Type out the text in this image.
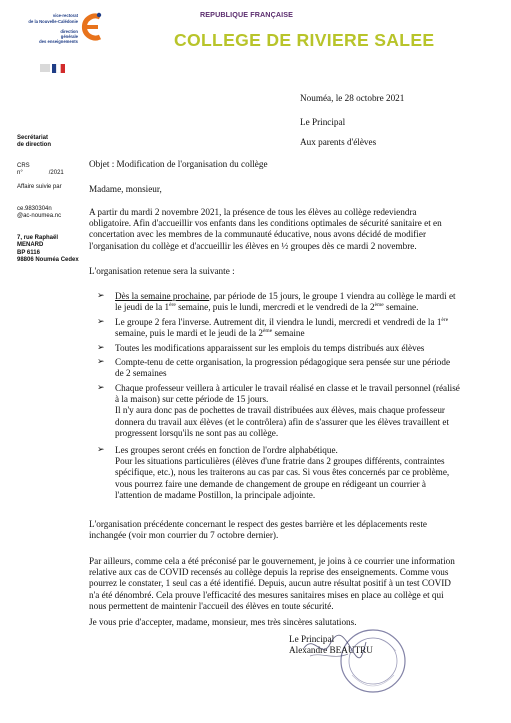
vice-rectorat
de la Nouvelle-Calédonie
direction
générale
des enseignements
REPUBLIQUE FRANÇAISE
COLLEGE DE RIVIERE SALEE
Secrétariat
de direction
CRS
n°	/2021
Affaire suivie par
ce.9830304n
@ac-noumea.nc
7, rue Raphaël
MENARD
BP 6116
98806 Nouméa Cedex
Nouméa, le 28 octobre 2021
Le Principal
Aux parents d'élèves
Objet : Modification de l'organisation du collège
Madame, monsieur,
A partir du mardi 2 novembre 2021, la présence de tous les élèves au collège redeviendra
obligatoire. Afin d'accueillir vos enfants dans les conditions optimales de sécurité sanitaire et en
concertation avec les membres de la communauté éducative, nous avons décidé de modifier
l'organisation du collège et d'accueillir les élèves en ½ groupes dès ce mardi 2 novembre.
L'organisation retenue sera la suivante :
➢ Dès la semaine prochaine, par période de 15 jours, le groupe 1 viendra au collège le mardi et
le jeudi de la 1ère semaine, puis le lundi, mercredi et le vendredi de la 2ème semaine.
➢ Le groupe 2 fera l'inverse. Autrement dit, il viendra le lundi, mercredi et vendredi de la 1ère
semaine, puis le mardi et le jeudi de la 2ème semaine
➢ Toutes les modifications apparaissent sur les emplois du temps distribués aux élèves
➢ Compte-tenu de cette organisation, la progression pédagogique sera pensée sur une période
de 2 semaines
➢ Chaque professeur veillera à articuler le travail réalisé en classe et le travail personnel (réalisé
à la maison) sur cette période de 15 jours.
Il n'y aura donc pas de pochettes de travail distribuées aux élèves, mais chaque professeur
donnera du travail aux élèves (et le contrôlera) afin de s'assurer que les élèves travaillent et
progressent lorsqu'ils ne sont pas au collège.
➢ Les groupes seront créés en fonction de l'ordre alphabétique.
Pour les situations particulières (élèves d'une fratrie dans 2 groupes différents, contraintes
spécifique, etc.), nous les traiterons au cas par cas. Si vous êtes concernés par ce problème,
vous pourrez faire une demande de changement de groupe en rédigeant un courrier à
l'attention de madame Postillon, la principale adjointe.
L'organisation précédente concernant le respect des gestes barrière et les déplacements reste
inchangée (voir mon courrier du 7 octobre dernier).
Par ailleurs, comme cela a été préconisé par le gouvernement, je joins à ce courrier une information
relative aux cas de COVID recensés au collège depuis la reprise des enseignements. Comme vous
pourrez le constater, 1 seul cas a été identifié. Depuis, aucun autre résultat positif à un test COVID
n'a été dénombré. Cela prouve l'efficacité des mesures sanitaires mises en place au collège et qui
nous permettent de maintenir l'accueil des élèves en toute sécurité.
Je vous prie d'accepter, madame, monsieur, mes très sincères salutations.
Le Principal
Alexandre BEAUTRU
